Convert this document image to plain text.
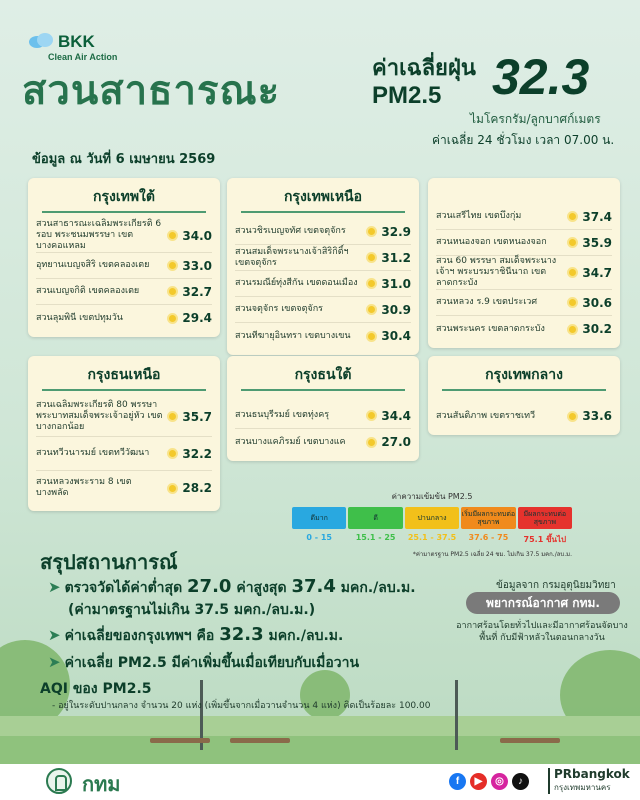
BKK
Clean Air Action
สวนสาธารณะ
ค่าเฉลี่ยฝุ่น
PM2.5 32.3
ไมโครกรัม/ลูกบาศก์เมตร
ค่าเฉลี่ย 24 ชั่วโมง เวลา 07.00 น.
ข้อมูล ณ วันที่ 6 เมษายน 2569
กรุงเทพใต้
สวนสาธารณะเฉลิมพระเกียรติ 6 รอบ พระชนมพรรษา เขตบางคอแหลม
34.0
อุทยานเบญจสิริ เขตคลองเตย	33.0
สวนเบญจกิติ เขตคลองเตย	32.7
สวนลุมพินี เขตปทุมวัน	29.4
กรุงเทพเหนือ
สวนวชิรเบญจทัศ เขตจตุจักร	32.9
สวนสมเด็จพระนางเจ้าสิริกิติ์ฯ เขตจตุจักร	31.2
สวนรมณีย์ทุ่งสีกัน เขตดอนเมือง	31.0
สวนจตุจักร เขตจตุจักร	30.9
สวนทีฆายุอินทรา เขตบางเขน	30.4
สวนเสรีไทย เขตบึงกุ่ม	37.4
สวนหนองจอก เขตหนองจอก	35.9
สวน 60 พรรษา สมเด็จพระนางเจ้าฯ พระบรมราชินีนาถ เขตลาดกระบัง
34.7
สวนหลวง ร.9 เขตประเวศ	30.6
สวนพระนคร เขตลาดกระบัง	30.2
กรุงธนเหนือ
สวนเฉลิมพระเกียรติ 80 พรรษา พระบาทสมเด็จพระเจ้าอยู่หัว เขตบางกอกน้อย
35.7
สวนทวีวนารมย์ เขตทวีวัฒนา	32.2
สวนหลวงพระราม 8 เขตบางพลัด	28.2
กรุงธนใต้
สวนธนบุรีรมย์ เขตทุ่งครุ	34.4
สวนบางแคภิรมย์ เขตบางแค	27.0
กรุงเทพกลาง
สวนสันติภาพ เขตราชเทวี	33.6
ค่าความเข้มข้น PM2.5
ดีมาก	ดี	ปานกลาง	เริ่มมีผลกระทบต่อสุขภาพ
มีผลกระทบต่อสุขภาพ
0 - 15	15.1 - 25	25.1 - 37.5	37.6 - 75	75.1 ขึ้นไป
*ค่ามาตรฐาน PM2.5 เฉลี่ย 24 ชม. ไม่เกิน 37.5 มคก./ลบ.ม.
สรุปสถานการณ์
➤ ตรวจวัดได้ค่าต่ำสุด 27.0 ค่าสูงสุด 37.4 มคก./ลบ.ม.
(ค่ามาตรฐานไม่เกิน 37.5 มคก./ลบ.ม.)
➤ ค่าเฉลี่ยของกรุงเทพฯ คือ 32.3 มคก./ลบ.ม.
➤ ค่าเฉลี่ย PM2.5 มีค่าเพิ่มขึ้นเมื่อเทียบกับเมื่อวาน
AQI ของ PM2.5
- อยู่ในระดับปานกลาง จำนวน 20 แห่ง (เพิ่มขึ้นจากเมื่อวานจำนวน 4 แห่ง) คิดเป็นร้อยละ 100.00
ข้อมูลจาก กรมอุตุนิยมวิทยา
พยากรณ์อากาศ กทม.
อากาศร้อนโดยทั่วไปและมีอากาศร้อนจัดบางพื้นที่ กับมีฟ้าหลัวในตอนกลางวัน
กทม	f	▶	◎	♪
PRbangkok
กรุงเทพมหานคร
